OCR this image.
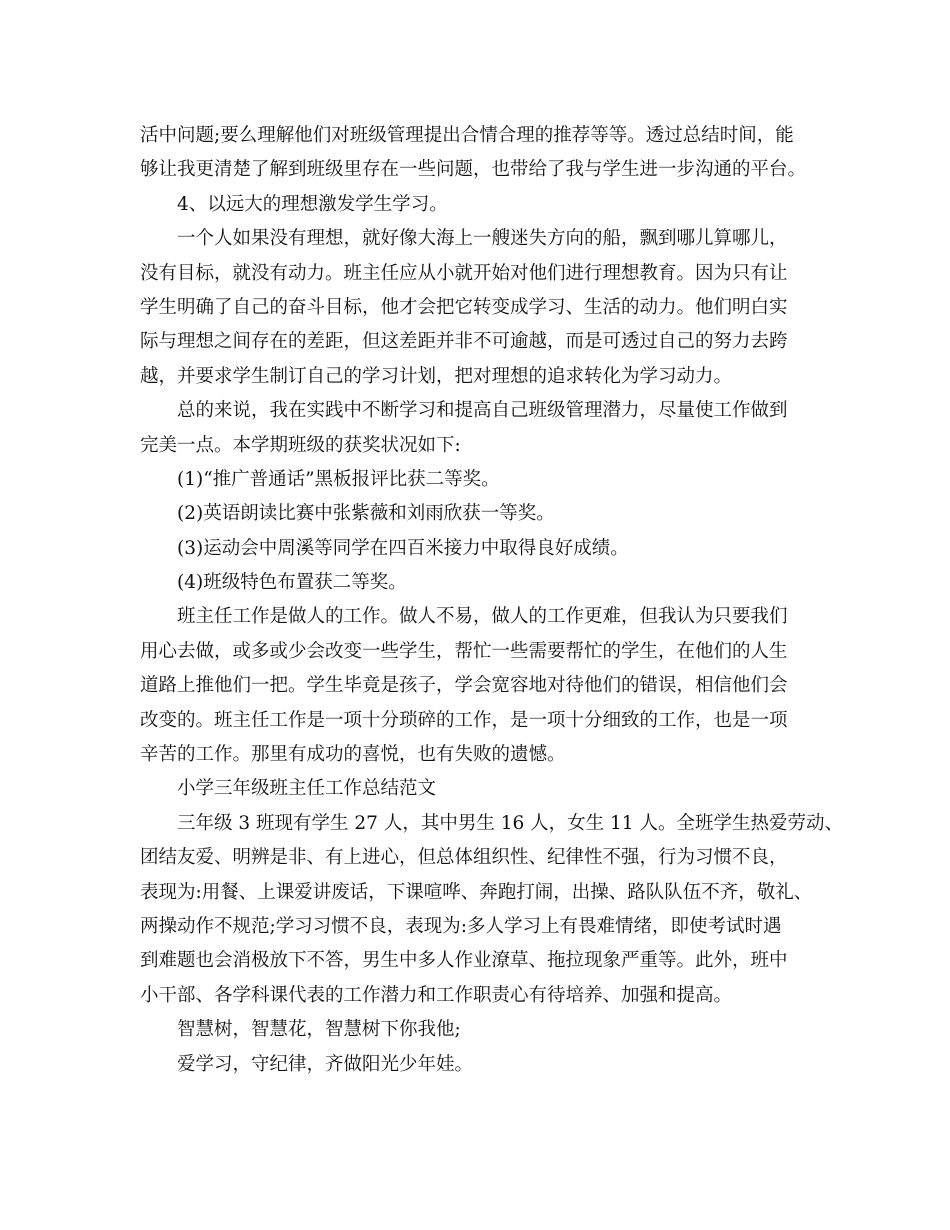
活中问题;要么理解他们对班级管理提出合情合理的推荐等等。透过总结时间，能
够让我更清楚了解到班级里存在一些问题，也带给了我与学生进一步沟通的平台。
4、以远大的理想激发学生学习。
一个人如果没有理想，就好像大海上一艘迷失方向的船，飘到哪儿算哪儿，
没有目标，就没有动力。班主任应从小就开始对他们进行理想教育。因为只有让
学生明确了自己的奋斗目标，他才会把它转变成学习、生活的动力。他们明白实
际与理想之间存在的差距，但这差距并非不可逾越，而是可透过自己的努力去跨
越，并要求学生制订自己的学习计划，把对理想的追求转化为学习动力。
总的来说，我在实践中不断学习和提高自己班级管理潜力，尽量使工作做到
完美一点。本学期班级的获奖状况如下:
(1)“推广普通话”黑板报评比获二等奖。
(2)英语朗读比赛中张紫薇和刘雨欣获一等奖。
(3)运动会中周溪等同学在四百米接力中取得良好成绩。
(4)班级特色布置获二等奖。
班主任工作是做人的工作。做人不易，做人的工作更难，但我认为只要我们
用心去做，或多或少会改变一些学生，帮忙一些需要帮忙的学生，在他们的人生
道路上推他们一把。学生毕竟是孩子，学会宽容地对待他们的错误，相信他们会
改变的。班主任工作是一项十分琐碎的工作，是一项十分细致的工作，也是一项
辛苦的工作。那里有成功的喜悦，也有失败的遗憾。
小学三年级班主任工作总结范文
三年级 3 班现有学生 27 人，其中男生 16 人，女生 11 人。全班学生热爱劳动、
团结友爱、明辨是非、有上进心，但总体组织性、纪律性不强，行为习惯不良，
表现为:用餐、上课爱讲废话，下课喧哗、奔跑打闹，出操、路队队伍不齐，敬礼、
两操动作不规范;学习习惯不良，表现为:多人学习上有畏难情绪，即使考试时遇
到难题也会消极放下不答，男生中多人作业潦草、拖拉现象严重等。此外，班中
小干部、各学科课代表的工作潜力和工作职责心有待培养、加强和提高。
智慧树，智慧花，智慧树下你我他;
爱学习，守纪律，齐做阳光少年娃。
